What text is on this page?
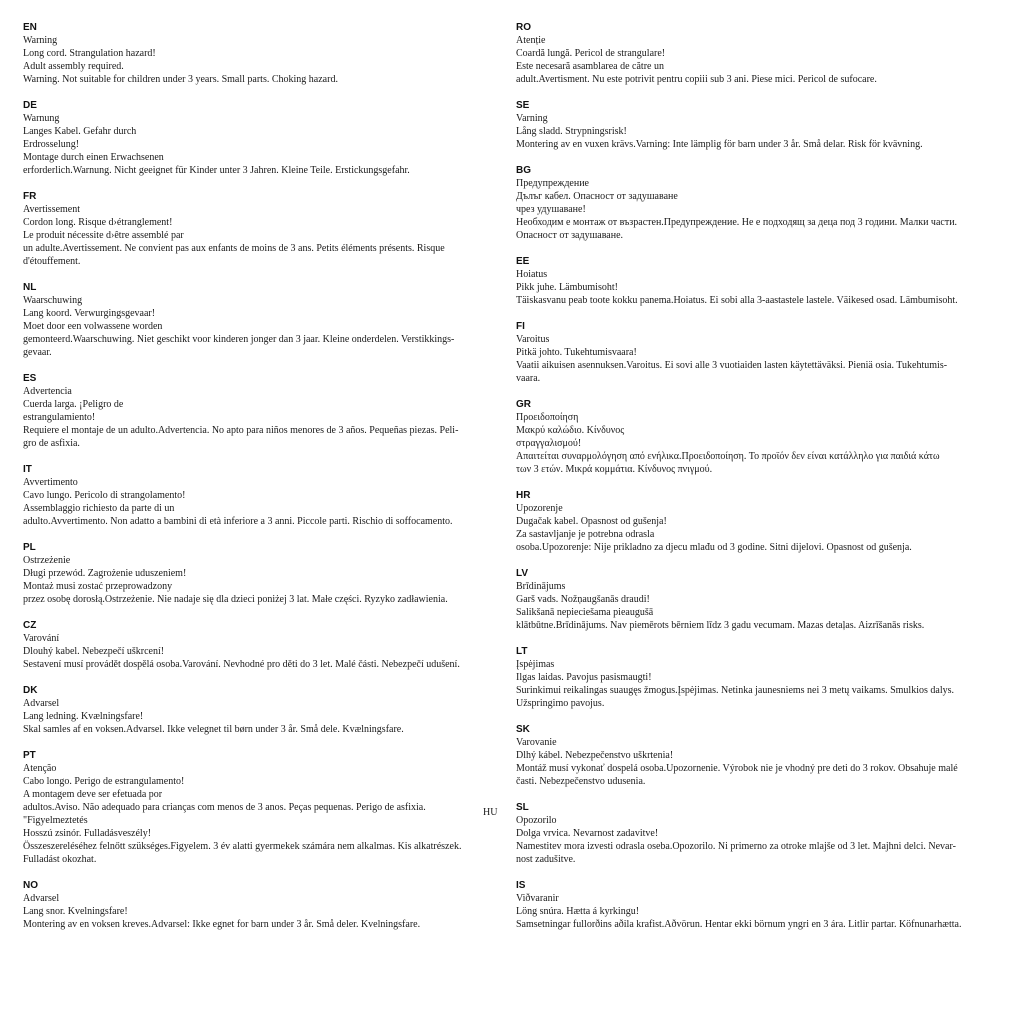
EN
Warning
Long cord. Strangulation hazard!
Adult assembly required.
Warning. Not suitable for children under 3 years. Small parts. Choking hazard.
DE
Warnung
Langes Kabel. Gefahr durch
Erdrosselung!
Montage durch einen Erwachsenen
erforderlich.Warnung. Nicht geeignet für Kinder unter 3 Jahren. Kleine Teile. Erstickungsgefahr.
FR
Avertissement
Cordon long. Risque d›étranglement!
Le produit nécessite d›être assemblé par
un adulte.Avertissement. Ne convient pas aux enfants de moins de 3 ans. Petits éléments présents. Risque
d'étouffement.
NL
Waarschuwing
Lang koord. Verwurgingsgevaar!
Moet door een volwassene worden
gemonteerd.Waarschuwing. Niet geschikt voor kinderen jonger dan 3 jaar. Kleine onderdelen. Verstikkings-
gevaar.
ES
Advertencia
Cuerda larga. ¡Peligro de
estrangulamiento!
Requiere el montaje de un adulto.Advertencia. No apto para niños menores de 3 años. Pequeñas piezas. Peli-
gro de asfixia.
IT
Avvertimento
Cavo lungo. Pericolo di strangolamento!
Assemblaggio richiesto da parte di un
adulto.Avvertimento. Non adatto a bambini di età inferiore a 3 anni. Piccole parti. Rischio di soffocamento.
PL
Ostrzeżenie
Długi przewód. Zagrożenie uduszeniem!
Montaż musi zostać przeprowadzony
przez osobę dorosłą.Ostrzeżenie. Nie nadaje się dla dzieci poniżej 3 lat. Małe części. Ryzyko zadławienia.
CZ
Varování
Dlouhý kabel. Nebezpečí uškrcení!
Sestavení musí provádět dospělá osoba.Varování. Nevhodné pro děti do 3 let. Malé části. Nebezpečí udušení.
DK
Advarsel
Lang ledning. Kvælningsfare!
Skal samles af en voksen.Advarsel. Ikke velegnet til børn under 3 år. Små dele. Kvælningsfare.
PT
Atenção
Cabo longo. Perigo de estrangulamento!
A montagem deve ser efetuada por
adultos.Aviso. Não adequado para crianças com menos de 3 anos. Peças pequenas. Perigo de asfixia.
"Figyelmeztetés
Hosszú zsinór. Fulladásveszély!
Összeszereléséhez felnőtt szükséges.Figyelem. 3 év alatti gyermekek számára nem alkalmas. Kis alkatrészek.
Fulladást okozhat.
NO
Advarsel
Lang snor. Kvelningsfare!
Montering av en voksen kreves.Advarsel: Ikke egnet for barn under 3 år. Små deler. Kvelningsfare.
RO
Atenție
Coardă lungă. Pericol de strangulare!
Este necesară asamblarea de către un
adult.Avertisment. Nu este potrivit pentru copiii sub 3 ani. Piese mici. Pericol de sufocare.
SE
Varning
Lång sladd. Strypningsrisk!
Montering av en vuxen krävs.Varning: Inte lämplig för barn under 3 år. Små delar. Risk för kvävning.
BG
Предупреждение
Дълъг кабел. Опасност от задушаване
чрез удушаване!
Необходим е монтаж от възрастен.Предупреждение. Не е подходящ за деца под 3 години. Малки части.
Опасност от задушаване.
EE
Hoiatus
Pikk juhe. Lämbumisoht!
Täiskasvanu peab toote kokku panema.Hoiatus. Ei sobi alla 3-aastastele lastele. Väikesed osad. Lämbumisoht.
FI
Varoitus
Pitkä johto. Tukehtumisvaara!
Vaatii aikuisen asennuksen.Varoitus. Ei sovi alle 3 vuotiaiden lasten käytettäväksi. Pieniä osia. Tukehtumis-
vaara.
GR
Προειδοποίηση
Μακρύ καλώδιο. Κίνδυνος
στραγγαλισμού!
Απαιτείται συναρμολόγηση από ενήλικα.Προειδοποίηση. Το προϊόν δεν είναι κατάλληλο για παιδιά κάτω
των 3 ετών. Μικρά κομμάτια. Κίνδυνος πνιγμού.
HR
Upozorenje
Dugačak kabel. Opasnost od gušenja!
Za sastavljanje je potrebna odrasla
osoba.Upozorenje: Nije prikladno za djecu mlađu od 3 godine. Sitni dijelovi. Opasnost od gušenja.
LV
Brīdinājums
Garš vads. Nožņaugšanās draudi!
Salikšanā nepieciešama pieaugušā
klātbūtne.Brīdinājums. Nav piemērots bērniem līdz 3 gadu vecumam. Mazas detaļas. Aizrīšanās risks.
LT
Įspėjimas
Ilgas laidas. Pavojus pasismaugti!
Surinkimui reikalingas suaugęs žmogus.Įspėjimas. Netinka jaunesniems nei 3 metų vaikams. Smulkios dalys.
Užspringimo pavojus.
SK
Varovanie
Dlhý kábel. Nebezpečenstvo uškrtenia!
Montáž musí vykonať dospelá osoba.Upozornenie. Výrobok nie je vhodný pre deti do 3 rokov. Obsahuje malé
časti. Nebezpečenstvo udusenia.
SL
Opozorilo
Dolga vrvica. Nevarnost zadavitve!
Namestitev mora izvesti odrasla oseba.Opozorilo. Ni primerno za otroke mlajše od 3 let. Majhni delci. Nevar-
nost zadušitve.
IS
Viðvaranir
Löng snúra. Hætta á kyrkingu!
Samsetningar fullorðins aðila krafist.Aðvörun. Hentar ekki börnum yngri en 3 ára. Litlir partar. Köfnunarhætta.
HU
